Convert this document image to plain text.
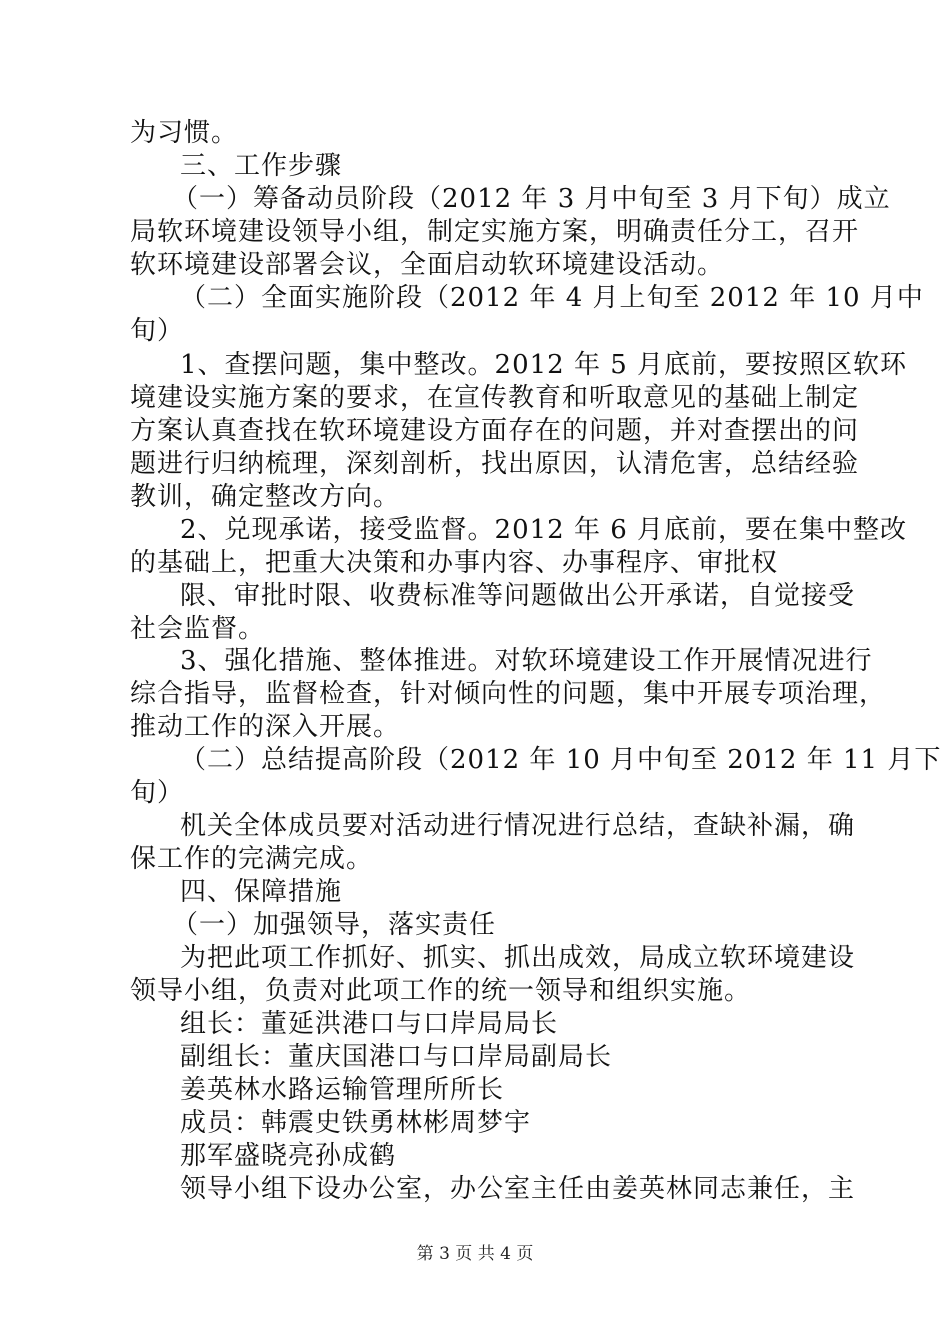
为习惯。
三、工作步骤
（一）筹备动员阶段（2012 年 3 月中旬至 3 月下旬）成立
局软环境建设领导小组，制定实施方案，明确责任分工，召开
软环境建设部署会议，全面启动软环境建设活动。
（二）全面实施阶段（2012 年 4 月上旬至 2012 年 10 月中
旬）
1、查摆问题，集中整改。2012 年 5 月底前，要按照区软环
境建设实施方案的要求，在宣传教育和听取意见的基础上制定
方案认真查找在软环境建设方面存在的问题，并对查摆出的问
题进行归纳梳理，深刻剖析，找出原因，认清危害，总结经验
教训，确定整改方向。
2、兑现承诺，接受监督。2012 年 6 月底前，要在集中整改
的基础上，把重大决策和办事内容、办事程序、审批权
限、审批时限、收费标准等问题做出公开承诺，自觉接受
社会监督。
3、强化措施、整体推进。对软环境建设工作开展情况进行
综合指导，监督检查，针对倾向性的问题，集中开展专项治理，
推动工作的深入开展。
（二）总结提高阶段（2012 年 10 月中旬至 2012 年 11 月下
旬）
机关全体成员要对活动进行情况进行总结，查缺补漏，确
保工作的完满完成。
四、保障措施
（一）加强领导，落实责任
为把此项工作抓好、抓实、抓出成效，局成立软环境建设
领导小组，负责对此项工作的统一领导和组织实施。
组长：董延洪港口与口岸局局长
副组长：董庆国港口与口岸局副局长
姜英林水路运输管理所所长
成员：韩震史铁勇林彬周梦宇
那军盛晓亮孙成鹤
第 3 页 共 4 页
领导小组下设办公室，办公室主任由姜英林同志兼任，主
